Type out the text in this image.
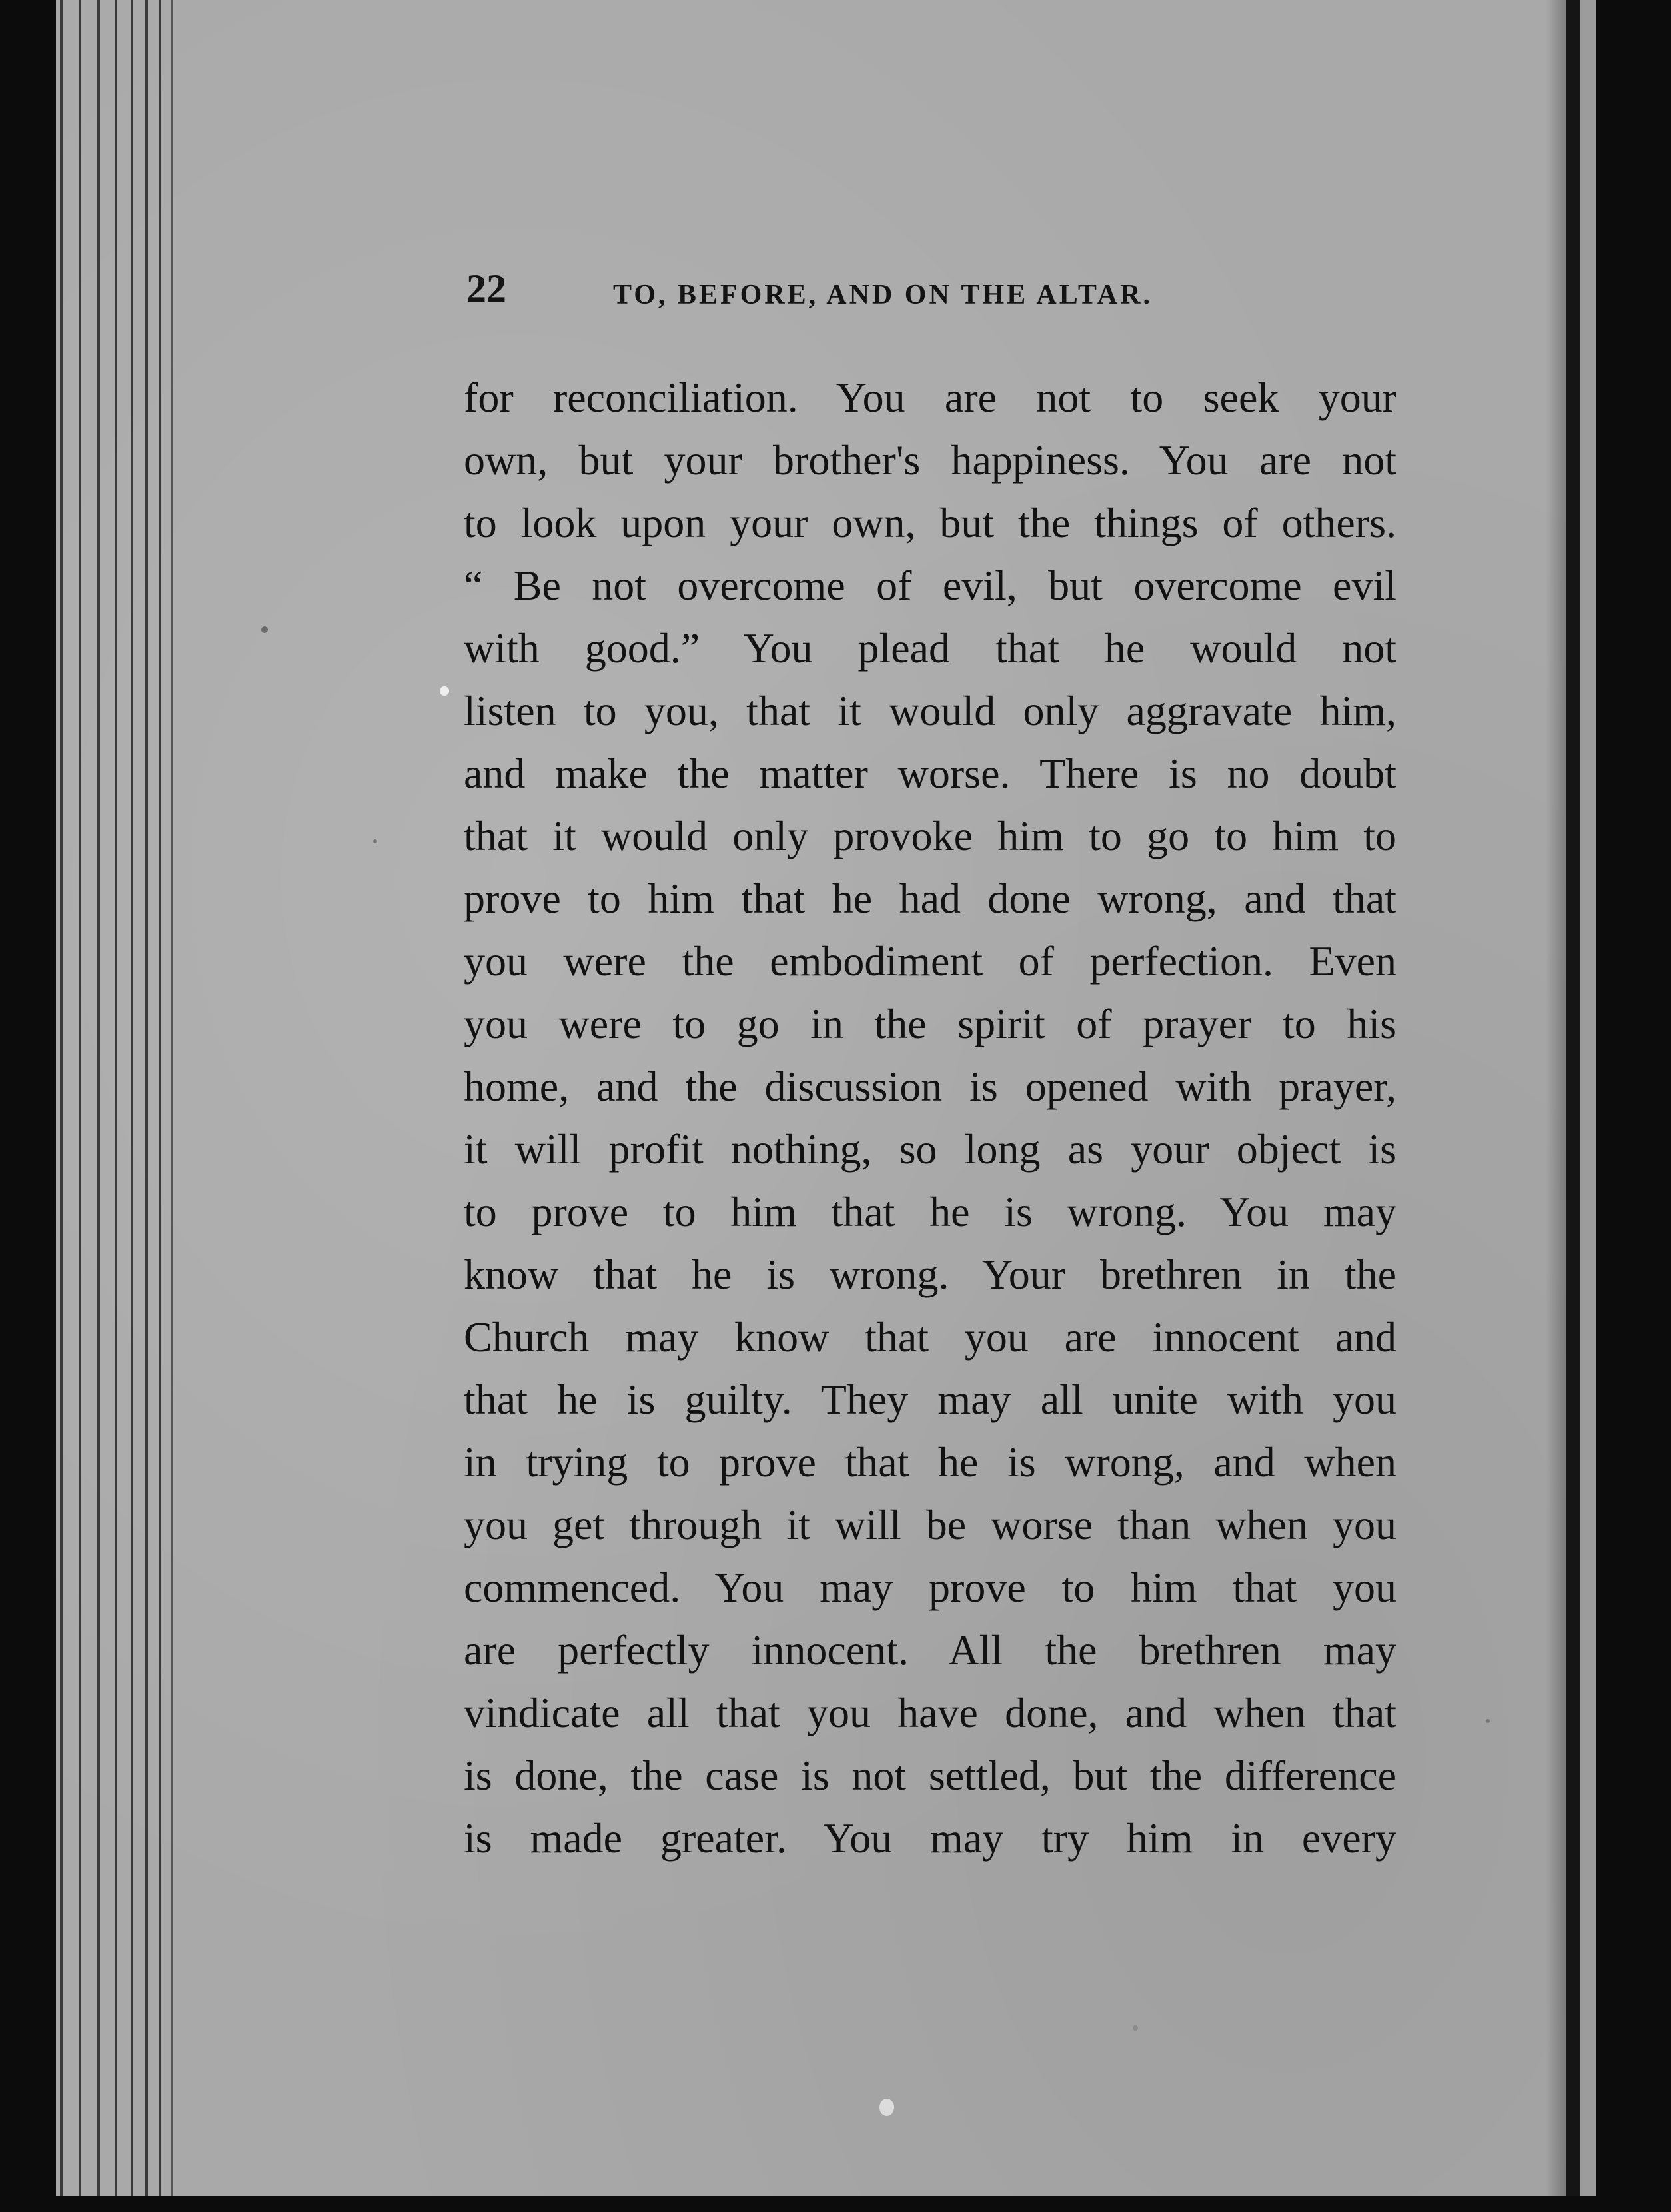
22	TO, BEFORE, AND ON THE ALTAR.
for reconciliation. You are not to seek your
own, but your brother's happiness. You are not
to look upon your own, but the things of others.
“ Be not overcome of evil, but overcome evil
with good.” You plead that he would not
listen to you, that it would only aggravate him,
and make the matter worse. There is no doubt
that it would only provoke him to go to him to
prove to him that he had done wrong, and that
you were the embodiment of perfection. Even
you were to go in the spirit of prayer to his
home, and the discussion is opened with prayer,
it will profit nothing, so long as your object is
to prove to him that he is wrong. You may
know that he is wrong. Your brethren in the
Church may know that you are innocent and
that he is guilty. They may all unite with you
in trying to prove that he is wrong, and when
you get through it will be worse than when you
commenced. You may prove to him that you
are perfectly innocent. All the brethren may
vindicate all that you have done, and when that
is done, the case is not settled, but the difference
is made greater. You may try him in every
